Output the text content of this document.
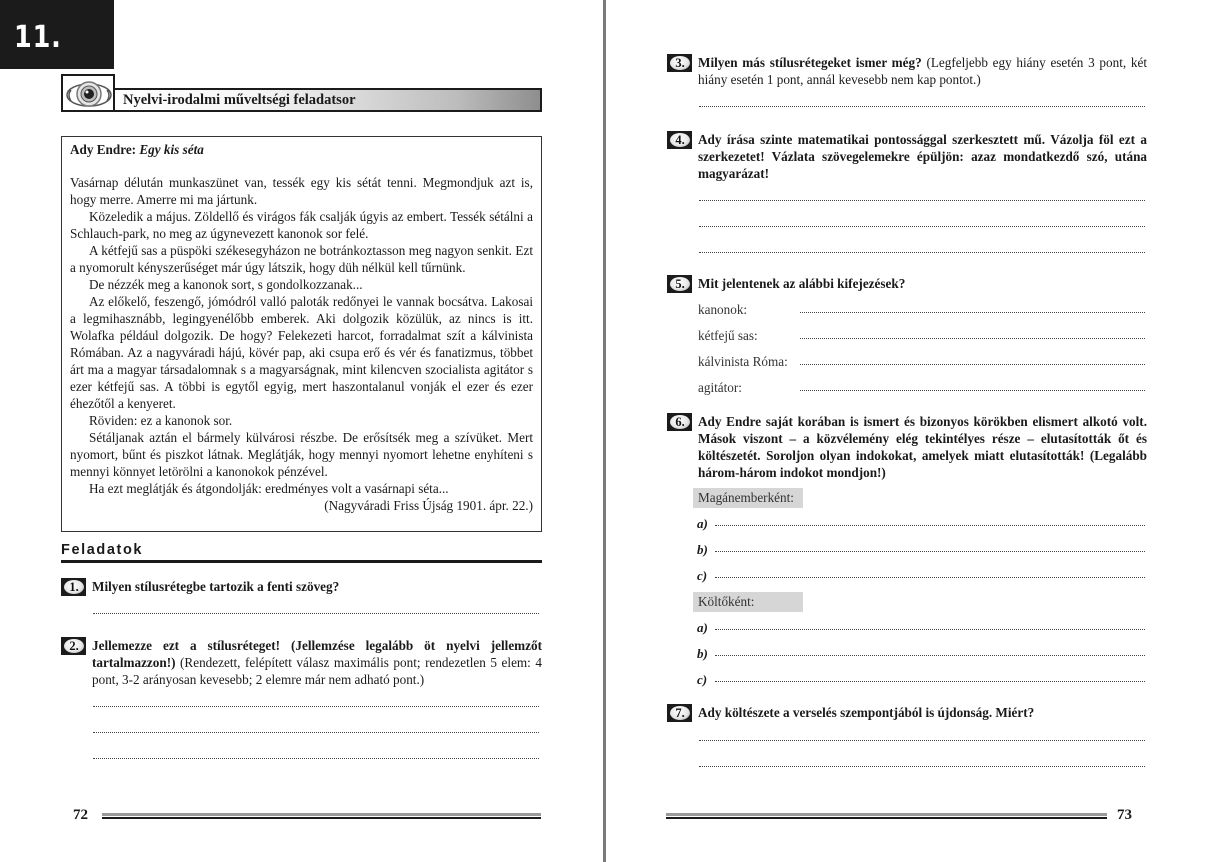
11.
Nyelvi-irodalmi műveltségi feladatsor
Ady Endre: Egy kis séta

Vasárnap délután munkaszünet van, tessék egy kis sétát tenni. Megmondjuk azt is, hogy merre. Amerre mi ma jártunk.

Közeledik a május. Zöldellő és virágos fák csalják úgyis az embert. Tessék sétálni a Schlauch-park, no meg az úgynevezett kanonok sor felé.

A kétfejű sas a püspöki székesegyházon ne botránkoztasson meg nagyon senkit. Ezt a nyomorult kényszerűséget már úgy látszik, hogy düh nélkül kell tűrnünk.

De nézzék meg a kanonok sort, s gondolkozzanak...

Az előkelő, feszengő, jómódról valló paloták redőnyei le vannak bocsátva. Lakosai a legmihasznább, legingyenélőbb emberek. Aki dolgozik közülük, az nincs is itt. Wolafka például dolgozik. De hogy? Felekezeti harcot, forradalmat szít a kálvinista Rómában. Az a nagyváradi hájú, kövér pap, aki csupa erő és vér és fanatizmus, többet árt ma a magyar társadalomnak s a magyarságnak, mint kilencven szocialista agitátor s ezer kétfejű sas. A többi is egytől egyig, mert haszontalanul vonják el ezer és ezer éhezőtől a kenyeret.

Röviden: ez a kanonok sor.

Sétáljanak aztán el bármely külvárosi részbe. De erősítsék meg a szívüket. Mert nyomort, bűnt és piszkot látnak. Meglátják, hogy mennyi nyomort lehetne enyhíteni s mennyi könnyet letörölni a kanonokok pénzével.

Ha ezt meglátják és átgondolják: eredményes volt a vasárnapi séta...

(Nagyváradi Friss Újság 1901. ápr. 22.)

Feladatok
1.	Milyen stílusrétegbe tartozik a fenti szöveg?
2.	Jellemezze ezt a stílusréteget! (Jellemzése legalább öt nyelvi jellemzőt tartalmazzon!) (Rendezett, felépített válasz maximális pont; rendezetlen 5 elem: 4 pont, 3-2 arányosan kevesebb; 2 elemre már nem adható pont.)
72
3.	Milyen más stílusrétegeket ismer még? (Legfeljebb egy hiány esetén 3 pont, két hiány esetén 1 pont, annál kevesebb nem kap pontot.)
4.	Ady írása szinte matematikai pontossággal szerkesztett mű. Vázolja föl ezt a szerkezetet! Vázlata szövegelemekre épüljön: azaz mondatkezdő szó, utána magyarázat!
5.	Mit jelentenek az alábbi kifejezések?
kanonok:
kétfejű sas:
kálvinista Róma:
agitátor:
6.	Ady Endre saját korában is ismert és bizonyos körökben elismert alkotó volt. Mások viszont – a közvélemény elég tekintélyes része – elutasították őt és költészetét. Soroljon olyan indokokat, amelyek miatt elutasították! (Legalább három-három indokot mondjon!)
Magánemberként:
a)
b)
c)
Költőként:
a)
b)
c)
7.	Ady költészete a verselés szempontjából is újdonság. Miért?
73
